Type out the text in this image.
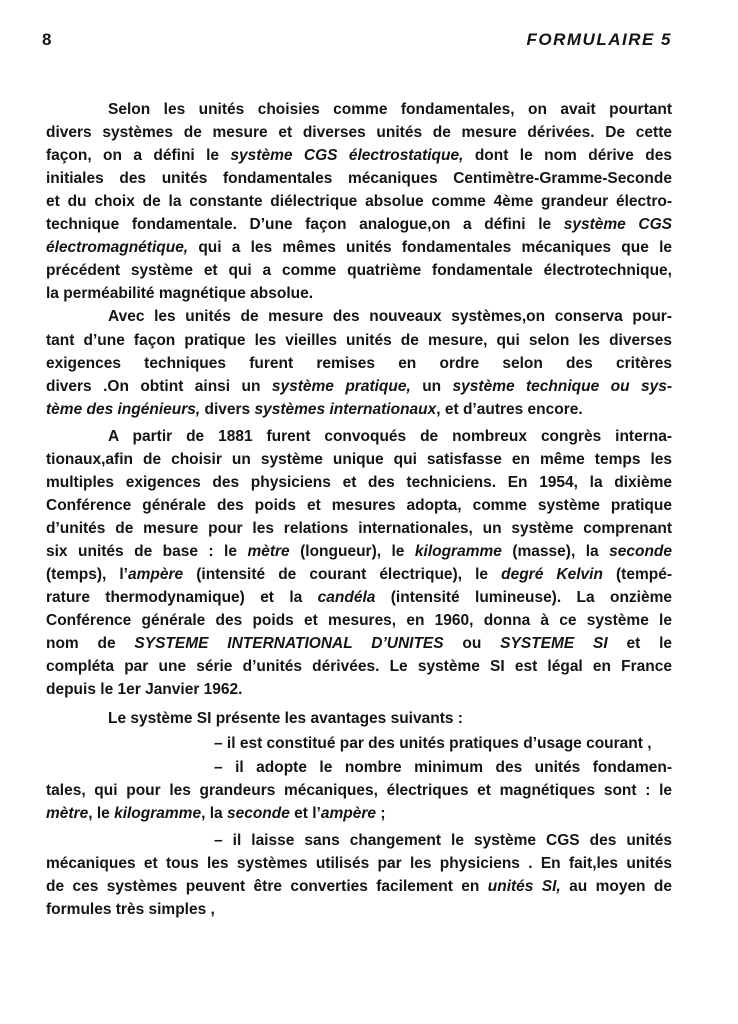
8	FORMULAIRE 5
Selon les unités choisies comme fondamentales, on avait pourtant
divers systèmes de mesure et diverses unités de mesure dérivées. De cette
façon, on a défini le système CGS électrostatique, dont le nom dérive des
initiales des unités fondamentales mécaniques Centimètre-Gramme-Seconde
et du choix de la constante diélectrique absolue comme 4ème grandeur électro-
technique fondamentale. D’une façon analogue,on a défini le système CGS
électromagnétique, qui a les mêmes unités fondamentales mécaniques que le
précédent système et qui a comme quatrième fondamentale électrotechnique,
la perméabilité magnétique absolue.
Avec les unités de mesure des nouveaux systèmes,on conserva pour-
tant d’une façon pratique les vieilles unités de mesure, qui selon les diverses
exigences techniques furent remises en ordre selon des critères
divers .On obtint ainsi un système pratique, un système technique ou sys-
tème des ingénieurs, divers systèmes internationaux, et d’autres encore.
A partir de 1881 furent convoqués de nombreux congrès interna-
tionaux,afin de choisir un système unique qui satisfasse en même temps les
multiples exigences des physiciens et des techniciens. En 1954, la dixième
Conférence générale des poids et mesures adopta, comme système pratique
d’unités de mesure pour les relations internationales, un système comprenant
six unités de base : le mètre (longueur), le kilogramme (masse), la seconde
(temps), l’ampère (intensité de courant électrique), le degré Kelvin (tempé-
rature thermodynamique) et la candéla (intensité lumineuse). La onzième
Conférence générale des poids et mesures, en 1960, donna à ce système le
nom de SYSTEME INTERNATIONAL D’UNITES ou SYSTEME SI et le
compléta par une série d’unités dérivées. Le système SI est légal en France
depuis le 1er Janvier 1962.
Le système SI présente les avantages suivants :
– il est constitué par des unités pratiques d’usage courant ,
– il adopte le nombre minimum des unités fondamen-
tales, qui pour les grandeurs mécaniques, électriques et magnétiques sont : le
mètre, le kilogramme, la seconde et l’ampère ;
– il laisse sans changement le système CGS des unités
mécaniques et tous les systèmes utilisés par les physiciens . En fait,les unités
de ces systèmes peuvent être converties facilement en unités SI, au moyen de
formules très simples ,
